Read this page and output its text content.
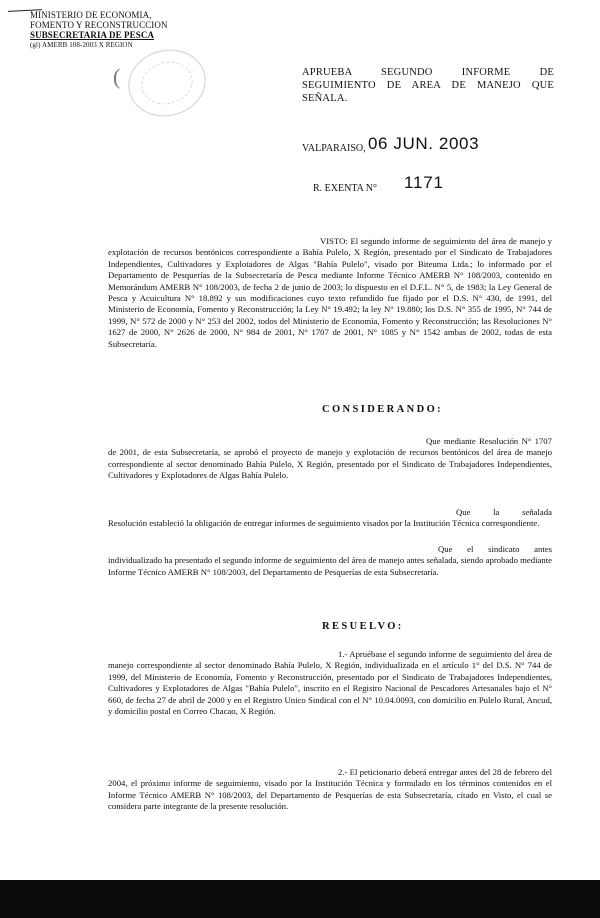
MINISTERIO DE ECONOMIA,
FOMENTO Y RECONSTRUCCION
SUBSECRETARIA DE PESCA
(gl) AMERB 108-2003 X REGION
(	APRUEBA SEGUNDO INFORME DE
SEGUIMIENTO DE AREA DE MANEJO QUE
SEÑALA.
VALPARAISO, 06 JUN. 2003
R. EXENTA N° 1171
VISTO: El segundo informe de seguimiento del área de manejo y explotación de recursos bentónicos correspondiente a Bahía Pulelo, X Región, presentado por el Sindicato de Trabajadores Independientes, Cultivadores y Explotadores de Algas "Bahía Pulelo", visado por Biteuma Ltda.; lo informado por el Departamento de Pesquerías de la Subsecretaría de Pesca mediante Informe Técnico AMERB N° 108/2003, contenido en Memorándum AMERB N° 108/2003, de fecha 2 de junio de 2003; lo dispuesto en el D.F.L. N° 5, de 1983; la Ley General de Pesca y Acuicultura N° 18.892 y sus modificaciones cuyo texto refundido fue fijado por el D.S. N° 430, de 1991, del Ministerio de Economía, Fomento y Reconstrucción; la Ley N° 19.492; la ley N° 19.880; los D.S. N° 355 de 1995, N° 744 de 1999, N° 572 de 2000 y N° 253 del 2002, todos del Ministerio de Economía, Fomento y Reconstrucción; las Resoluciones N° 1627 de 2000, N° 2626 de 2000, N° 984 de 2001, N° 1707 de 2001, N° 1085 y N° 1542 ambas de 2002, todas de esta Subsecretaría.
CONSIDERANDO:
Que mediante Resolución N° 1707 de 2001, de esta Subsecretaría, se aprobó el proyecto de manejo y explotación de recursos bentónicos del área de manejo correspondiente al sector denominado Bahía Pulelo, X Región, presentado por el Sindicato de Trabajadores Independientes, Cultivadores y Explotadores de Algas Bahía Pulelo.
Que la señalada Resolución estableció la obligación de entregar informes de seguimiento visados por la Institución Técnica correspondiente.
Que el sindicato antes individualizado ha presentado el segundo informe de seguimiento del área de manejo antes señalada, siendo aprobado mediante Informe Técnico AMERB N° 108/2003, del Departamento de Pesquerías de esta Subsecretaría.
RESUELVO:
1.- Apruébase el segundo informe de seguimiento del área de manejo correspondiente al sector denominado Bahía Pulelo, X Región, individualizada en el artículo 1° del D.S. N° 744 de 1999, del Ministerio de Economía, Fomento y Reconstrucción, presentado por el Sindicato de Trabajadores Independientes, Cultivadores y Explotadores de Algas "Bahía Pulelo", inscrito en el Registro Nacional de Pescadores Artesanales bajo el N° 660, de fecha 27 de abril de 2000 y en el Registro Unico Sindical con el N° 10.04.0093, con domicilio en Pulelo Rural, Ancud, y domicilio postal en Correo Chacao, X Región.
2.- El peticionario deberá entregar antes del 28 de febrero del 2004, el próximo informe de seguimiento, visado por la Institución Técnica y formulado en los términos contenidos en el Informe Técnico AMERB N° 108/2003, del Departamento de Pesquerías de esta Subsecretaría, citado en Visto, el cual se considera parte integrante de la presente resolución.
